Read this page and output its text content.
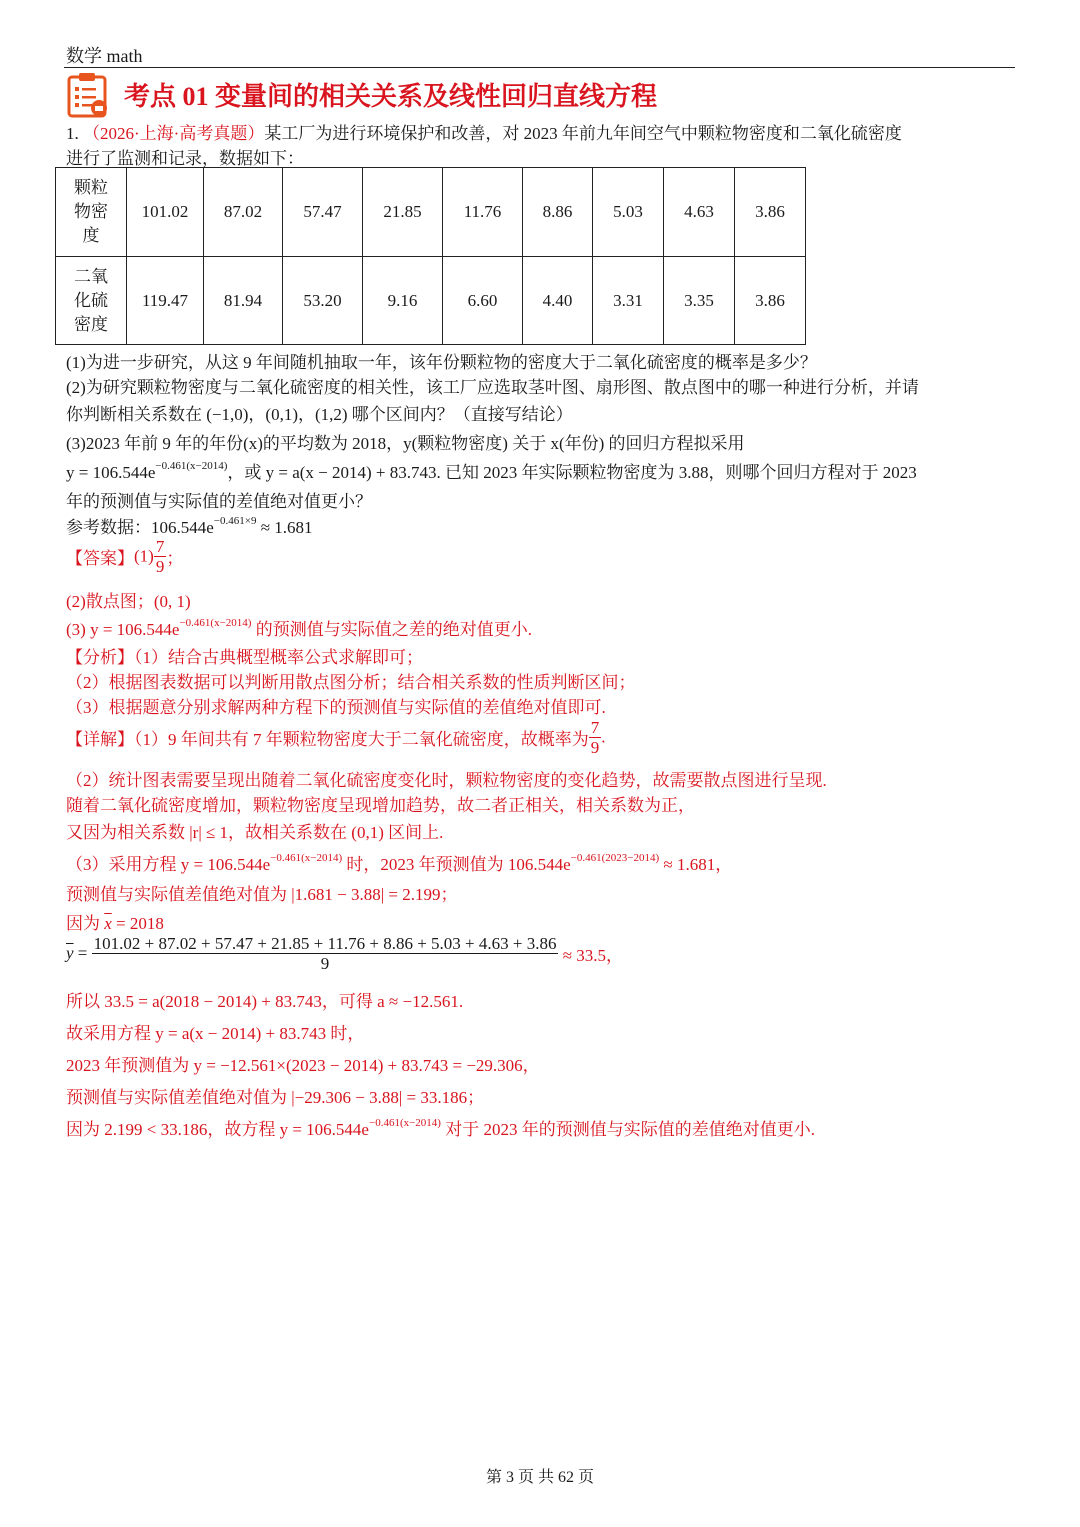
数学 math
考点 01 变量间的相关关系及线性回归直线方程
1. （2026·上海·高考真题）某工厂为进行环境保护和改善，对 2023 年前九年间空气中颗粒物密度和二氧化硫密度
进行了监测和记录，数据如下：
颗粒
物密
度	101.02	87.02	57.47	21.85	11.76	8.86	5.03	4.63	3.86

二氧
化硫
密度	119.47	81.94	53.20	9.16	6.60	4.40	3.31	3.35	3.86
(1)为进一步研究，从这 9 年间随机抽取一年，该年份颗粒物的密度大于二氧化硫密度的概率是多少？
(2)为研究颗粒物密度与二氧化硫密度的相关性，该工厂应选取茎叶图、扇形图、散点图中的哪一种进行分析，并请
你判断相关系数在 (−1,0)，(0,1)，(1,2) 哪个区间内？（直接写结论）
(3)2023 年前 9 年的年份(x)的平均数为 2018，y(颗粒物密度) 关于 x(年份) 的回归方程拟采用
$y = 106.544e^{-0.461(x-2014)}$，或 y = a(x − 2014) + 83.743. 已知 2023 年实际颗粒物密度为 3.88，则哪个回归方程对于 2023
年的预测值与实际值的差值绝对值更小？
参考数据：$106.544e^{-0.461\times 9} \approx 1.681$
【答案】$(1) \frac{7}{9}$ ；
(2)散点图；(0, 1)
(3) $y = 106.544e^{-0.461(x-2014)}$ 的预测值与实际值之差的绝对值更小.
【分析】（1）结合古典概型概率公式求解即可；
（2）根据图表数据可以判断用散点图分析；结合相关系数的性质判断区间；
（3）根据题意分别求解两种方程下的预测值与实际值的差值绝对值即可.
【详解】（1）9 年间共有 7 年颗粒物密度大于二氧化硫密度，故概率为 $\frac{7}{9}$ .
（2）统计图表需要呈现出随着二氧化硫密度变化时，颗粒物密度的变化趋势，故需要散点图进行呈现.
随着二氧化硫密度增加，颗粒物密度呈现增加趋势，故二者正相关，相关系数为正，
又因为相关系数 |r| ≤ 1，故相关系数在 (0,1) 区间上.
（3）采用方程 $y = 106.544e^{-0.461(x-2014)}$ 时，2023 年预测值为 $106.544e^{-0.461(2023-2014)} \approx 1.681$，
预测值与实际值差值绝对值为 |1.681 − 3.88| = 2.199；
因为 $\overline{x} = 2018$
$\overline{y} = 101.02 + 87.02 + 57.47 + 21.85 + 11.76 + 8.86 + 5.03 + 4.63 + 3.86$
9	≈ 33.5，
所以 33.5 = a(2018 − 2014) + 83.743，可得 a ≈ −12.561.
故采用方程 y = a(x − 2014) + 83.743 时，
2023 年预测值为 y = −12.561×(2023 − 2014) + 83.743 = −29.306，
预测值与实际值差值绝对值为 |−29.306 − 3.88| = 33.186；
因为 2.199 < 33.186，故方程 $y = 106.544e^{-0.461(x-2014)}$ 对于 2023 年的预测值与实际值的差值绝对值更小.
第 3 页 共 62 页
